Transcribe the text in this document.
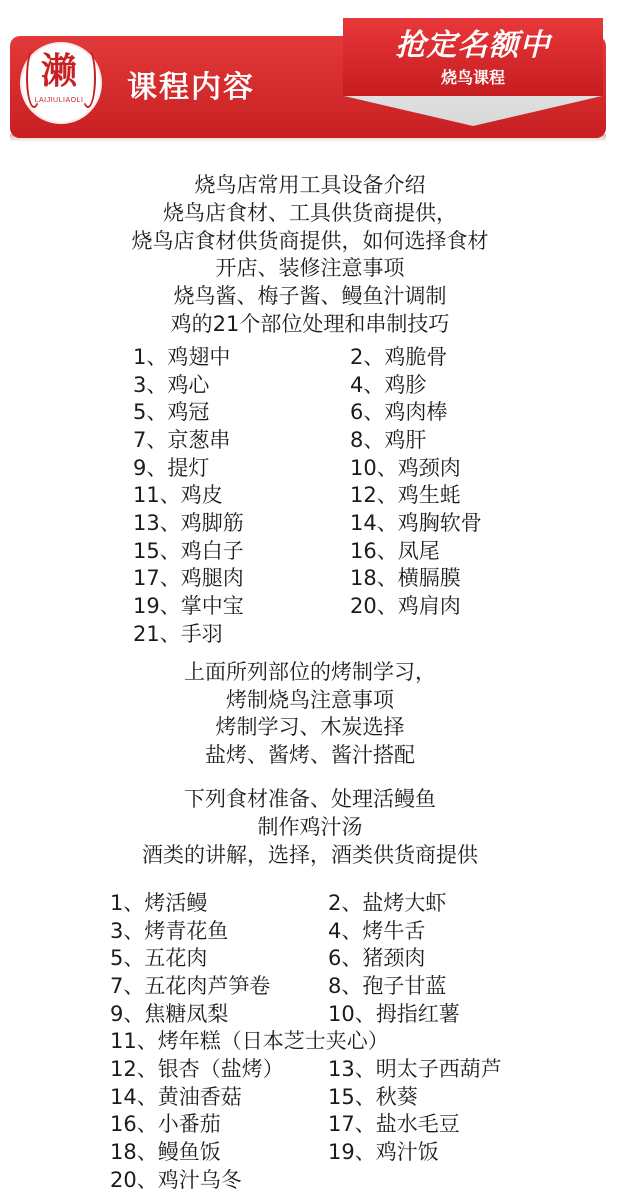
抢定名额中
烧鸟课程
濑
LAIJIULIAOLI	课程内容
烧鸟店常用工具设备介绍
烧鸟店食材、工具供货商提供，
烧鸟店食材供货商提供，如何选择食材
开店、装修注意事项
烧鸟酱、梅子酱、鳗鱼汁调制
鸡的21个部位处理和串制技巧
1、鸡翅中	2、鸡脆骨
3、鸡心	4、鸡胗
5、鸡冠	6、鸡肉棒
7、京葱串	8、鸡肝
9、提灯	10、鸡颈肉
11、鸡皮	12、鸡生蚝
13、鸡脚筋	14、鸡胸软骨
15、鸡白子	16、凤尾
17、鸡腿肉	18、横膈膜
19、掌中宝	20、鸡肩肉
21、手羽
上面所列部位的烤制学习，
烤制烧鸟注意事项
烤制学习、木炭选择
盐烤、酱烤、酱汁搭配
下列食材准备、处理活鳗鱼
制作鸡汁汤
酒类的讲解，选择，酒类供货商提供
1、烤活鳗	2、盐烤大虾
3、烤青花鱼	4、烤牛舌
5、五花肉	6、猪颈肉
7、五花肉芦笋卷	8、孢子甘蓝
9、焦糖凤梨	10、拇指红薯
11、烤年糕（日本芝士夹心）
12、银杏（盐烤） 13、明太子西葫芦
14、黄油香菇	15、秋葵
16、小番茄	17、盐水毛豆
18、鳗鱼饭	19、鸡汁饭
20、鸡汁乌冬
